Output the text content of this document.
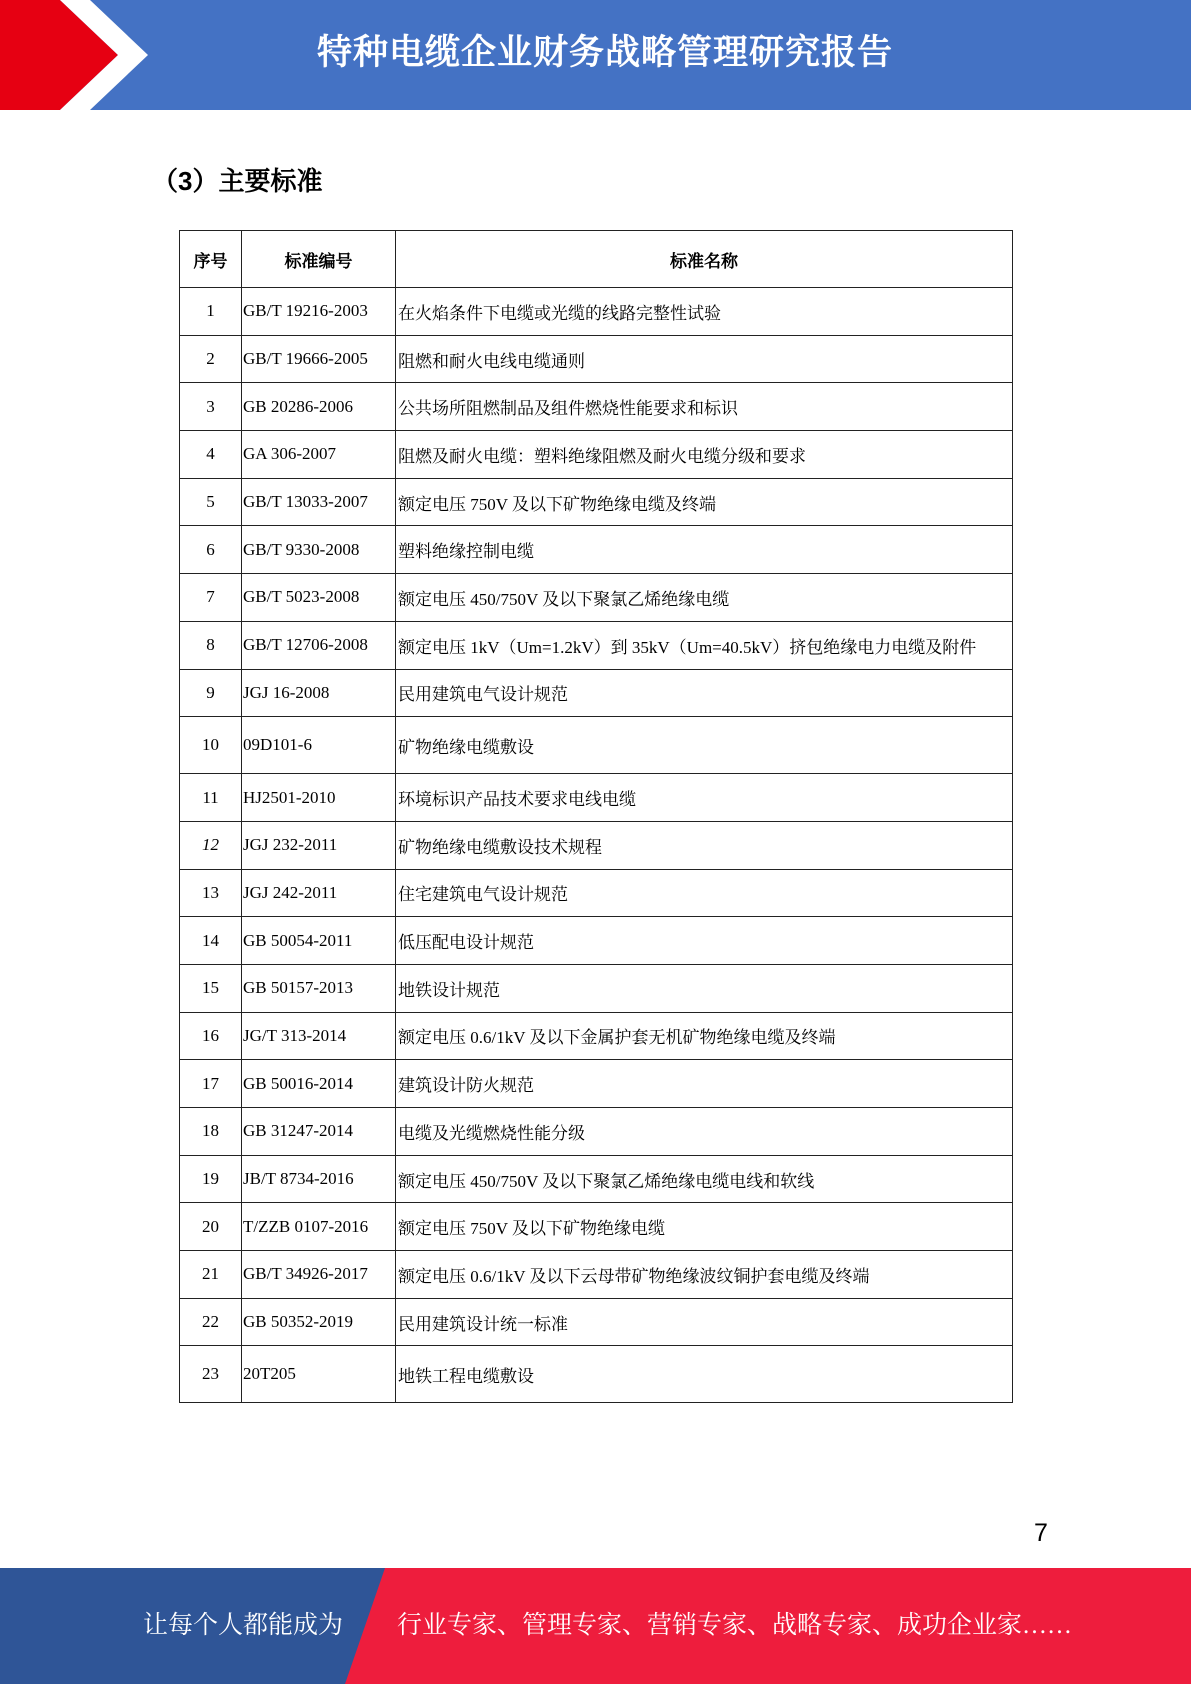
特种电缆企业财务战略管理研究报告
（3）主要标准
序号	标准编号	标准名称
1	GB/T 19216-2003	在火焰条件下电缆或光缆的线路完整性试验
2	GB/T 19666-2005	阻燃和耐火电线电缆通则
3	GB 20286-2006	公共场所阻燃制品及组件燃烧性能要求和标识
4	GA 306-2007	阻燃及耐火电缆：塑料绝缘阻燃及耐火电缆分级和要求
5	GB/T 13033-2007	额定电压 750V 及以下矿物绝缘电缆及终端
6	GB/T 9330-2008	塑料绝缘控制电缆
7	GB/T 5023-2008	额定电压 450/750V 及以下聚氯乙烯绝缘电缆
8	GB/T 12706-2008	额定电压 1kV（Um=1.2kV）到 35kV（Um=40.5kV）挤包绝缘电力电缆及附件
9	JGJ 16-2008	民用建筑电气设计规范
10	09D101-6	矿物绝缘电缆敷设
11	HJ2501-2010	环境标识产品技术要求电线电缆
12	JGJ 232-2011	矿物绝缘电缆敷设技术规程
13	JGJ 242-2011	住宅建筑电气设计规范
14	GB 50054-2011	低压配电设计规范
15	GB 50157-2013	地铁设计规范
16	JG/T 313-2014	额定电压 0.6/1kV 及以下金属护套无机矿物绝缘电缆及终端
17	GB 50016-2014	建筑设计防火规范
18	GB 31247-2014	电缆及光缆燃烧性能分级
19	JB/T 8734-2016	额定电压 450/750V 及以下聚氯乙烯绝缘电缆电线和软线
20	T/ZZB 0107-2016	额定电压 750V 及以下矿物绝缘电缆
21	GB/T 34926-2017	额定电压 0.6/1kV 及以下云母带矿物绝缘波纹铜护套电缆及终端
22	GB 50352-2019	民用建筑设计统一标准
23	20T205	地铁工程电缆敷设
7
让每个人都能成为 行业专家、管理专家、营销专家、战略专家、成功企业家……
